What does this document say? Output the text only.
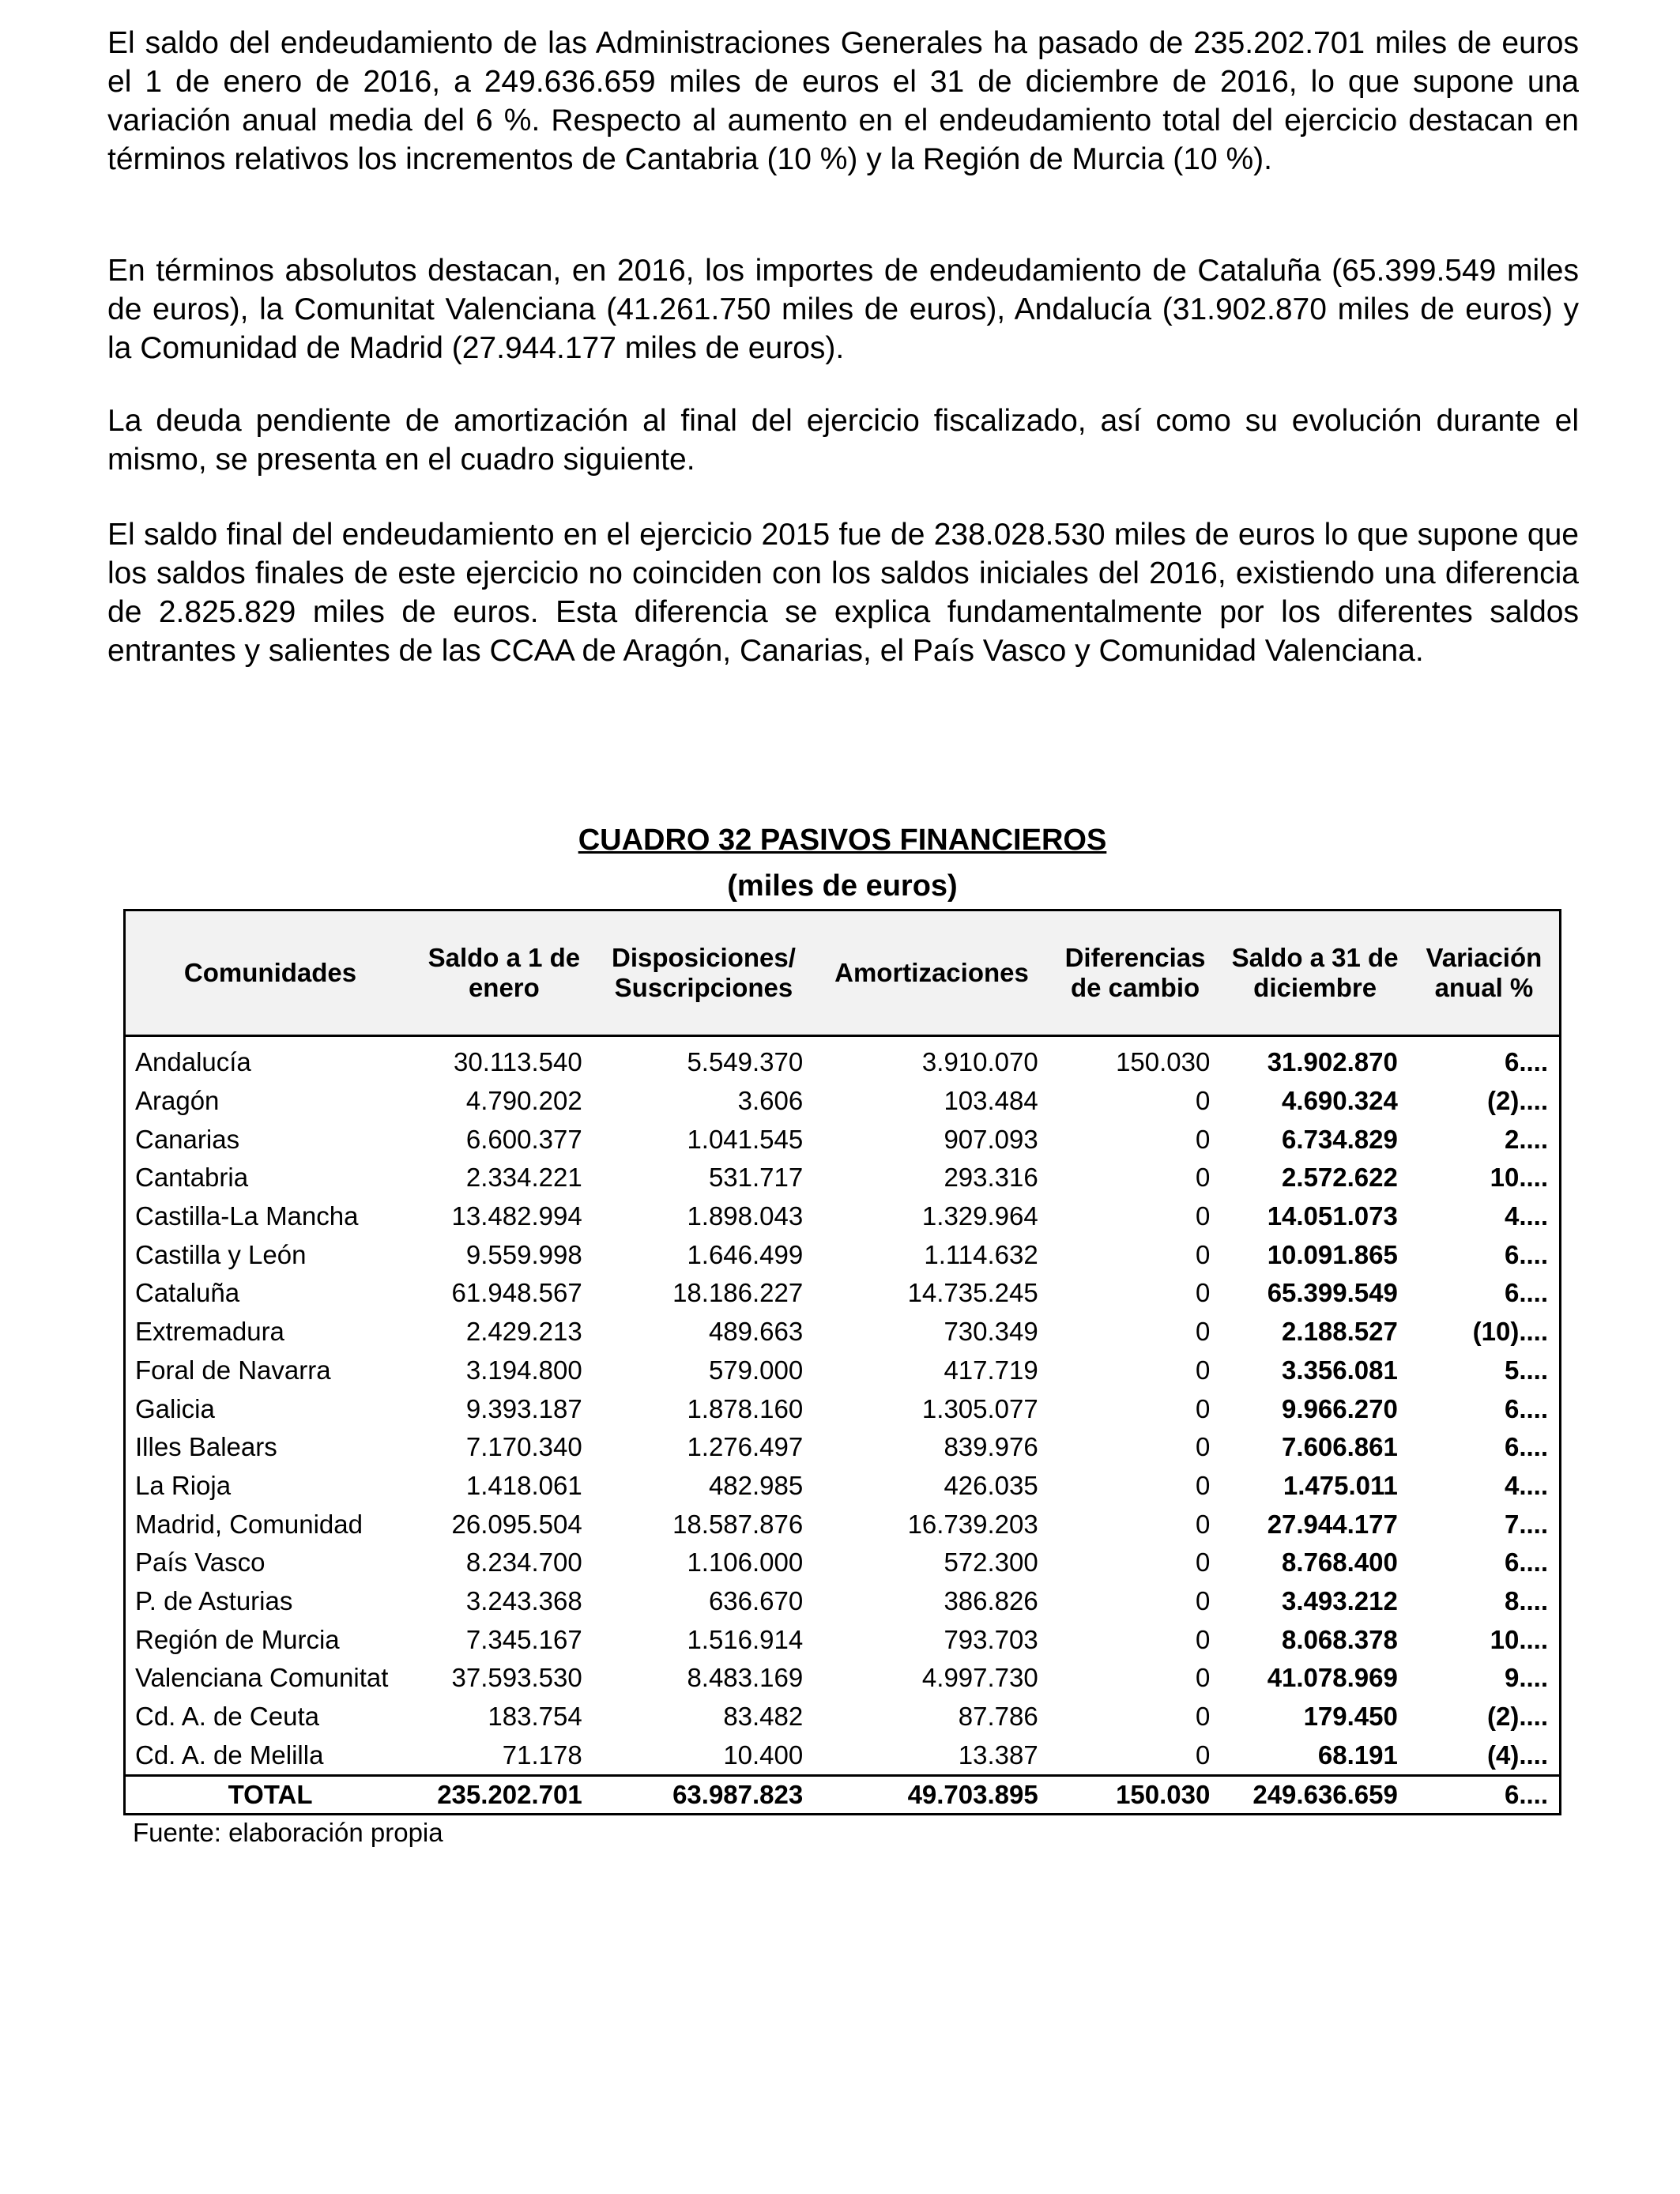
El saldo del endeudamiento de las Administraciones Generales ha pasado de 235.202.701 miles de euros el 1 de enero de 2016, a 249.636.659 miles de euros el 31 de diciembre de 2016, lo que supone una variación anual media del 6 %. Respecto al aumento en el endeudamiento total del ejercicio destacan en términos relativos los incrementos de Cantabria (10 %) y la Región de Murcia (10 %).

En términos absolutos destacan, en 2016, los importes de endeudamiento de Cataluña (65.399.549 miles de euros), la Comunitat Valenciana (41.261.750 miles de euros), Andalucía (31.902.870 miles de euros) y la Comunidad de Madrid (27.944.177 miles de euros).

La deuda pendiente de amortización al final del ejercicio fiscalizado, así como su evolución durante el mismo, se presenta en el cuadro siguiente.

El saldo final del endeudamiento en el ejercicio 2015 fue de 238.028.530 miles de euros lo que supone que los saldos finales de este ejercicio no coinciden con los saldos iniciales del 2016, existiendo una diferencia de 2.825.829 miles de euros. Esta diferencia se explica fundamentalmente por los diferentes saldos entrantes y salientes de las CCAA de Aragón, Canarias, el País Vasco y Comunidad Valenciana.

CUADRO 32 PASIVOS FINANCIEROS

(miles de euros)

Comunidades	Saldo a 1 de enero	Disposiciones/ Suscripciones	Amortizaciones	Diferencias de cambio	Saldo a 31 de diciembre	Variación anual %
Andalucía	30.113.540	5.549.370	3.910.070	150.030	31.902.870	6....
Aragón	4.790.202	3.606	103.484	0	4.690.324	(2)....
Canarias	6.600.377	1.041.545	907.093	0	6.734.829	2....
Cantabria	2.334.221	531.717	293.316	0	2.572.622	10....
Castilla-La Mancha	13.482.994	1.898.043	1.329.964	0	14.051.073	4....
Castilla y León	9.559.998	1.646.499	1.114.632	0	10.091.865	6....
Cataluña	61.948.567	18.186.227	14.735.245	0	65.399.549	6....
Extremadura	2.429.213	489.663	730.349	0	2.188.527	(10)....
Foral de Navarra	3.194.800	579.000	417.719	0	3.356.081	5....
Galicia	9.393.187	1.878.160	1.305.077	0	9.966.270	6....
Illes Balears	7.170.340	1.276.497	839.976	0	7.606.861	6....
La Rioja	1.418.061	482.985	426.035	0	1.475.011	4....
Madrid, Comunidad	26.095.504	18.587.876	16.739.203	0	27.944.177	7....
País Vasco	8.234.700	1.106.000	572.300	0	8.768.400	6....
P. de Asturias	3.243.368	636.670	386.826	0	3.493.212	8....
Región de Murcia	7.345.167	1.516.914	793.703	0	8.068.378	10....
Valenciana Comunitat	37.593.530	8.483.169	4.997.730	0	41.078.969	9....
Cd. A. de Ceuta	183.754	83.482	87.786	0	179.450	(2)....
Cd. A. de Melilla	71.178	10.400	13.387	0	68.191	(4)....
TOTAL	235.202.701	63.987.823	49.703.895	150.030	249.636.659	6....

Fuente: elaboración propia
